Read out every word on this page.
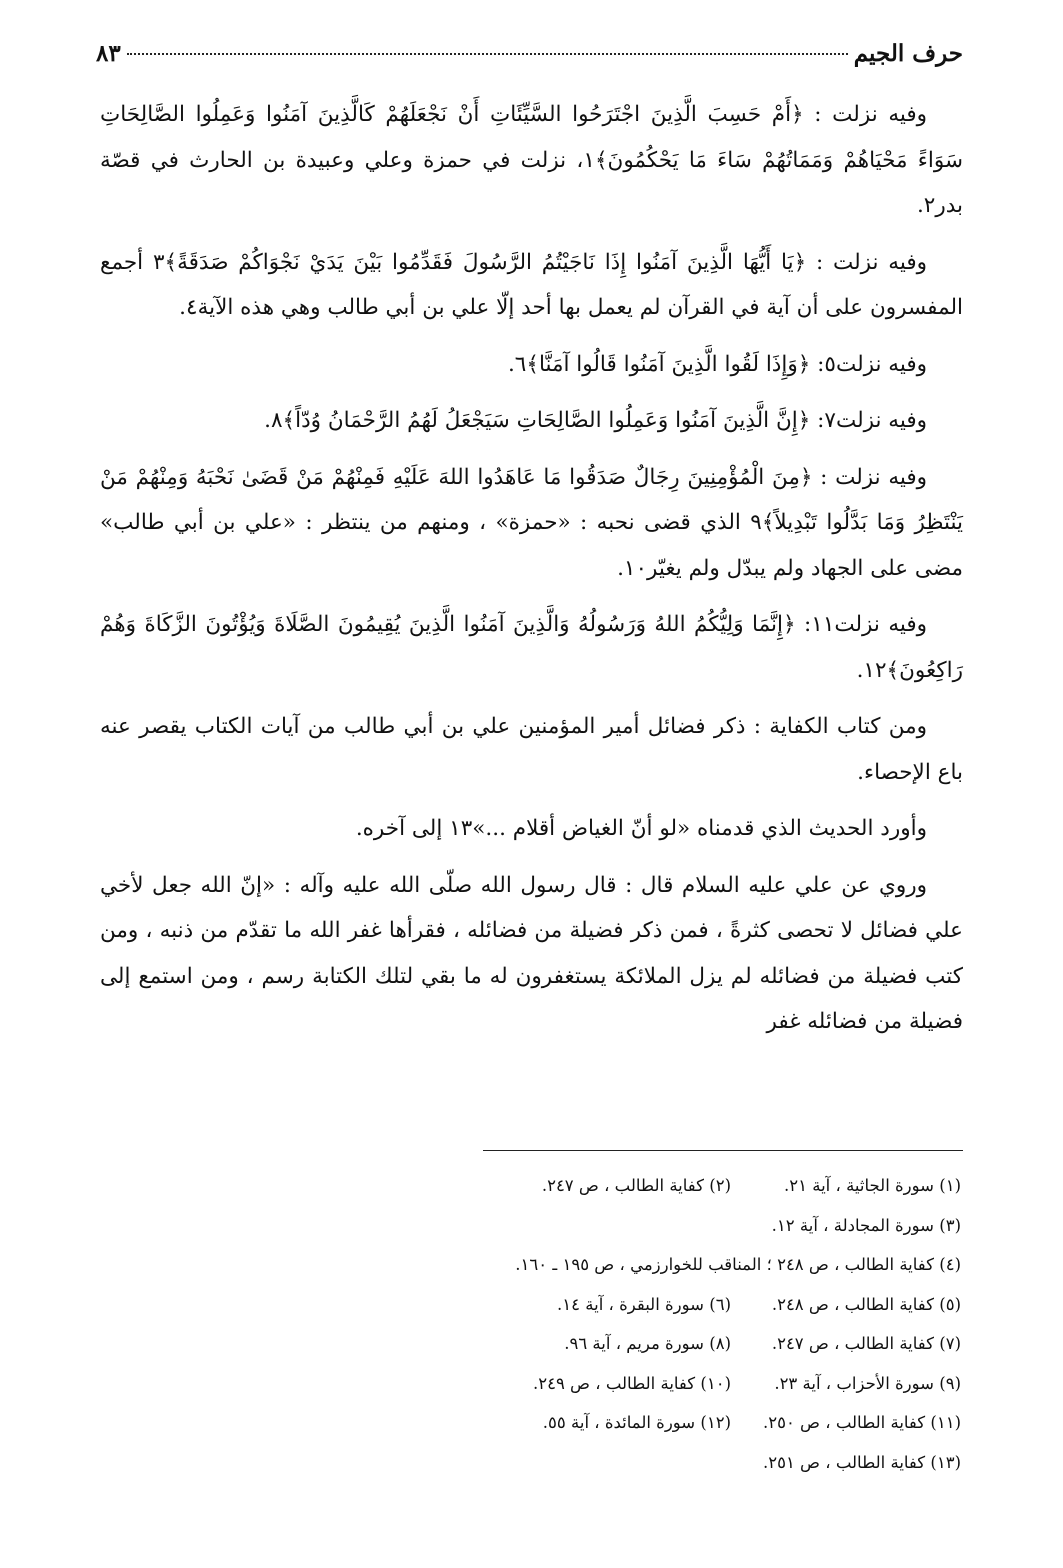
حرف الجيم
٨٣

وفيه نزلت : ﴿أَمْ حَسِبَ الَّذِينَ اجْتَرَحُوا السَّيِّئَاتِ أَنْ نَجْعَلَهُمْ كَالَّذِينَ آمَنُوا وَعَمِلُوا الصَّالِحَاتِ سَوَاءً مَحْيَاهُمْ وَمَمَاتُهُمْ سَاءَ مَا يَحْكُمُونَ﴾١، نزلت في حمزة وعلي وعبيدة بن الحارث في قصّة بدر٢.

وفيه نزلت : ﴿يَا أَيُّهَا الَّذِينَ آمَنُوا إِذَا نَاجَيْتُمُ الرَّسُولَ فَقَدِّمُوا بَيْنَ يَدَيْ نَجْوَاكُمْ صَدَقَةً﴾٣ أجمع المفسرون على أن آية في القرآن لم يعمل بها أحد إلّا علي بن أبي طالب وهي هذه الآية٤.

وفيه نزلت٥: ﴿وَإِذَا لَقُوا الَّذِينَ آمَنُوا قَالُوا آمَنَّا﴾٦.

وفيه نزلت٧: ﴿إِنَّ الَّذِينَ آمَنُوا وَعَمِلُوا الصَّالِحَاتِ سَيَجْعَلُ لَهُمُ الرَّحْمَانُ وُدّاً﴾٨.

وفيه نزلت : ﴿مِنَ الْمُؤْمِنِينَ رِجَالٌ صَدَقُوا مَا عَاهَدُوا اللهَ عَلَيْهِ فَمِنْهُمْ مَنْ قَضَىٰ نَحْبَهُ وَمِنْهُمْ مَنْ يَنْتَظِرُ وَمَا بَدَّلُوا تَبْدِيلاً﴾٩ الذي قضى نحبه : «حمزة» ، ومنهم من ينتظر : «علي بن أبي طالب» مضى على الجهاد ولم يبدّل ولم يغيّر١٠.

وفيه نزلت١١: ﴿إِنَّمَا وَلِيُّكُمُ اللهُ وَرَسُولُهُ وَالَّذِينَ آمَنُوا الَّذِينَ يُقِيمُونَ الصَّلَاةَ وَيُؤْتُونَ الزَّكَاةَ وَهُمْ رَاكِعُونَ﴾١٢.

ومن كتاب الكفاية : ذكر فضائل أمير المؤمنين علي بن أبي طالب من آيات الكتاب يقصر عنه باع الإحصاء.

وأورد الحديث الذي قدمناه «لو أنّ الغياض أقلام ...»١٣ إلى آخره.

وروي عن علي عليه السلام قال : قال رسول الله صلّى الله عليه وآله : «إنّ الله جعل لأخي علي فضائل لا تحصى كثرةً ، فمن ذكر فضيلة من فضائله ، فقرأها غفر الله ما تقدّم من ذنبه ، ومن كتب فضيلة من فضائله لم يزل الملائكة يستغفرون له ما بقي لتلك الكتابة رسم ، ومن استمع إلى فضيلة من فضائله غفر

(١) سورة الجاثية ، آية ٢١.
(٢) كفاية الطالب ، ص ٢٤٧.
(٣) سورة المجادلة ، آية ١٢.
(٤) كفاية الطالب ، ص ٢٤٨ ؛ المناقب للخوارزمي ، ص ١٩٥ ـ ١٦٠.
(٥) كفاية الطالب ، ص ٢٤٨.
(٦) سورة البقرة ، آية ١٤.
(٧) كفاية الطالب ، ص ٢٤٧.
(٨) سورة مريم ، آية ٩٦.
(٩) سورة الأحزاب ، آية ٢٣.
(١٠) كفاية الطالب ، ص ٢٤٩.
(١١) كفاية الطالب ، ص ٢٥٠.
(١٢) سورة المائدة ، آية ٥٥.
(١٣) كفاية الطالب ، ص ٢٥١.
